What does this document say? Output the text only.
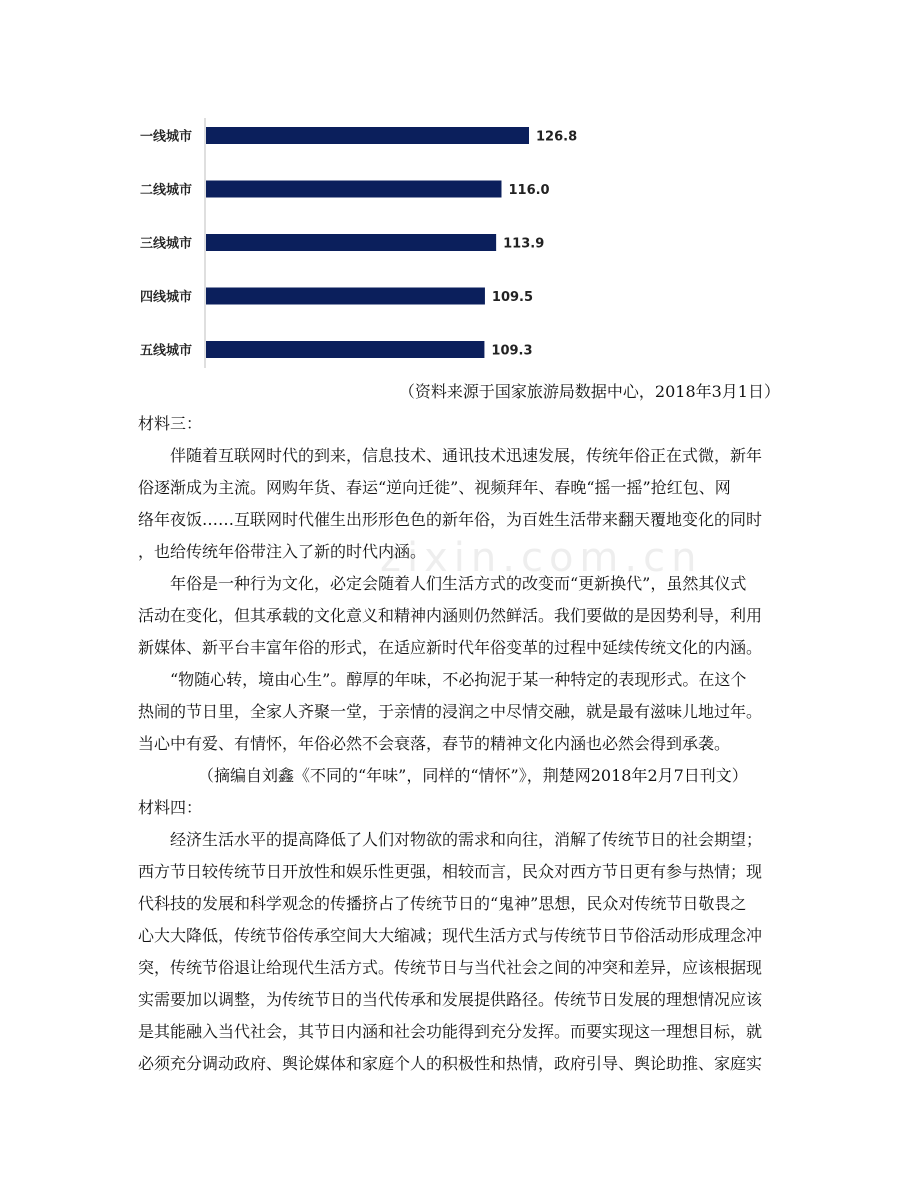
一线城市	126.8
二线城市	116.0
三线城市	113.9
四线城市	109.5
五线城市	109.3
zixin.com.cn
（资料来源于国家旅游局数据中心，2018年3月1日）
材料三：
伴随着互联网时代的到来，信息技术、通讯技术迅速发展，传统年俗正在式微，新年
俗逐渐成为主流。网购年货、春运“逆向迁徙”、视频拜年、春晚“摇一摇”抢红包、网
络年夜饭……互联网时代催生出形形色色的新年俗，为百姓生活带来翻天覆地变化的同时
，也给传统年俗带注入了新的时代内涵。
年俗是一种行为文化，必定会随着人们生活方式的改变而“更新换代”，虽然其仪式
活动在变化，但其承载的文化意义和精神内涵则仍然鲜活。我们要做的是因势利导，利用
新媒体、新平台丰富年俗的形式，在适应新时代年俗变革的过程中延续传统文化的内涵。
“物随心转，境由心生”。醇厚的年味，不必拘泥于某一种特定的表现形式。在这个
热闹的节日里，全家人齐聚一堂，于亲情的浸润之中尽情交融，就是最有滋味儿地过年。
当心中有爱、有情怀，年俗必然不会衰落，春节的精神文化内涵也必然会得到承袭。
（摘编自刘鑫《不同的“年味”，同样的“情怀”》，荆楚网2018年2月7日刊文）
材料四：
经济生活水平的提高降低了人们对物欲的需求和向往，消解了传统节日的社会期望；
西方节日较传统节日开放性和娱乐性更强，相较而言，民众对西方节日更有参与热情；现
代科技的发展和科学观念的传播挤占了传统节日的“鬼神”思想，民众对传统节日敬畏之
心大大降低，传统节俗传承空间大大缩减；现代生活方式与传统节日节俗活动形成理念冲
突，传统节俗退让给现代生活方式。传统节日与当代社会之间的冲突和差异，应该根据现
实需要加以调整，为传统节日的当代传承和发展提供路径。传统节日发展的理想情况应该
是其能融入当代社会，其节日内涵和社会功能得到充分发挥。而要实现这一理想目标，就
必须充分调动政府、舆论媒体和家庭个人的积极性和热情，政府引导、舆论助推、家庭实
